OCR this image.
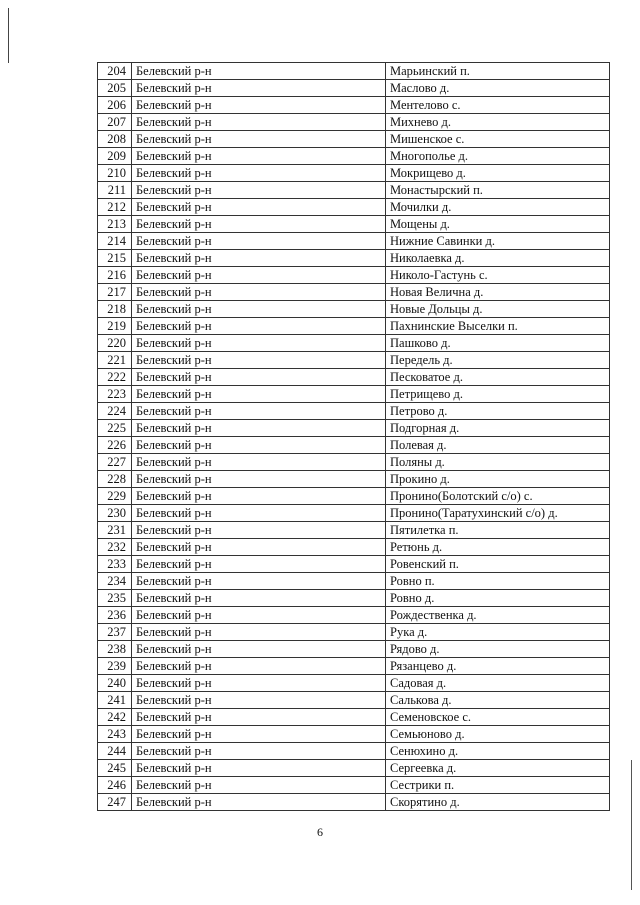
204	Белевский р-н	Марьинский п.
205	Белевский р-н	Маслово д.
206	Белевский р-н	Ментелово с.
207	Белевский р-н	Михнево д.
208	Белевский р-н	Мишенское с.
209	Белевский р-н	Многополье д.
210	Белевский р-н	Мокрищево д.
211	Белевский р-н	Монастырский п.
212	Белевский р-н	Мочилки д.
213	Белевский р-н	Мощены д.
214	Белевский р-н	Нижние Савинки д.
215	Белевский р-н	Николаевка д.
216	Белевский р-н	Николо-Гастунь с.
217	Белевский р-н	Новая Велична д.
218	Белевский р-н	Новые Дольцы д.
219	Белевский р-н	Пахнинские Выселки п.
220	Белевский р-н	Пашково д.
221	Белевский р-н	Передель д.
222	Белевский р-н	Песковатое д.
223	Белевский р-н	Петрищево д.
224	Белевский р-н	Петрово д.
225	Белевский р-н	Подгорная д.
226	Белевский р-н	Полевая д.
227	Белевский р-н	Поляны д.
228	Белевский р-н	Прокино д.
229	Белевский р-н	Пронино(Болотский с/о) с.
230	Белевский р-н	Пронино(Таратухинский с/о) д.
231	Белевский р-н	Пятилетка п.
232	Белевский р-н	Ретюнь д.
233	Белевский р-н	Ровенский п.
234	Белевский р-н	Ровно п.
235	Белевский р-н	Ровно д.
236	Белевский р-н	Рождественка д.
237	Белевский р-н	Рука д.
238	Белевский р-н	Рядово д.
239	Белевский р-н	Рязанцево д.
240	Белевский р-н	Садовая д.
241	Белевский р-н	Салькова д.
242	Белевский р-н	Семеновское с.
243	Белевский р-н	Семьюново д.
244	Белевский р-н	Сенюхино д.
245	Белевский р-н	Сергеевка д.
246	Белевский р-н	Сестрики п.
247	Белевский р-н	Скорятино д.
6
